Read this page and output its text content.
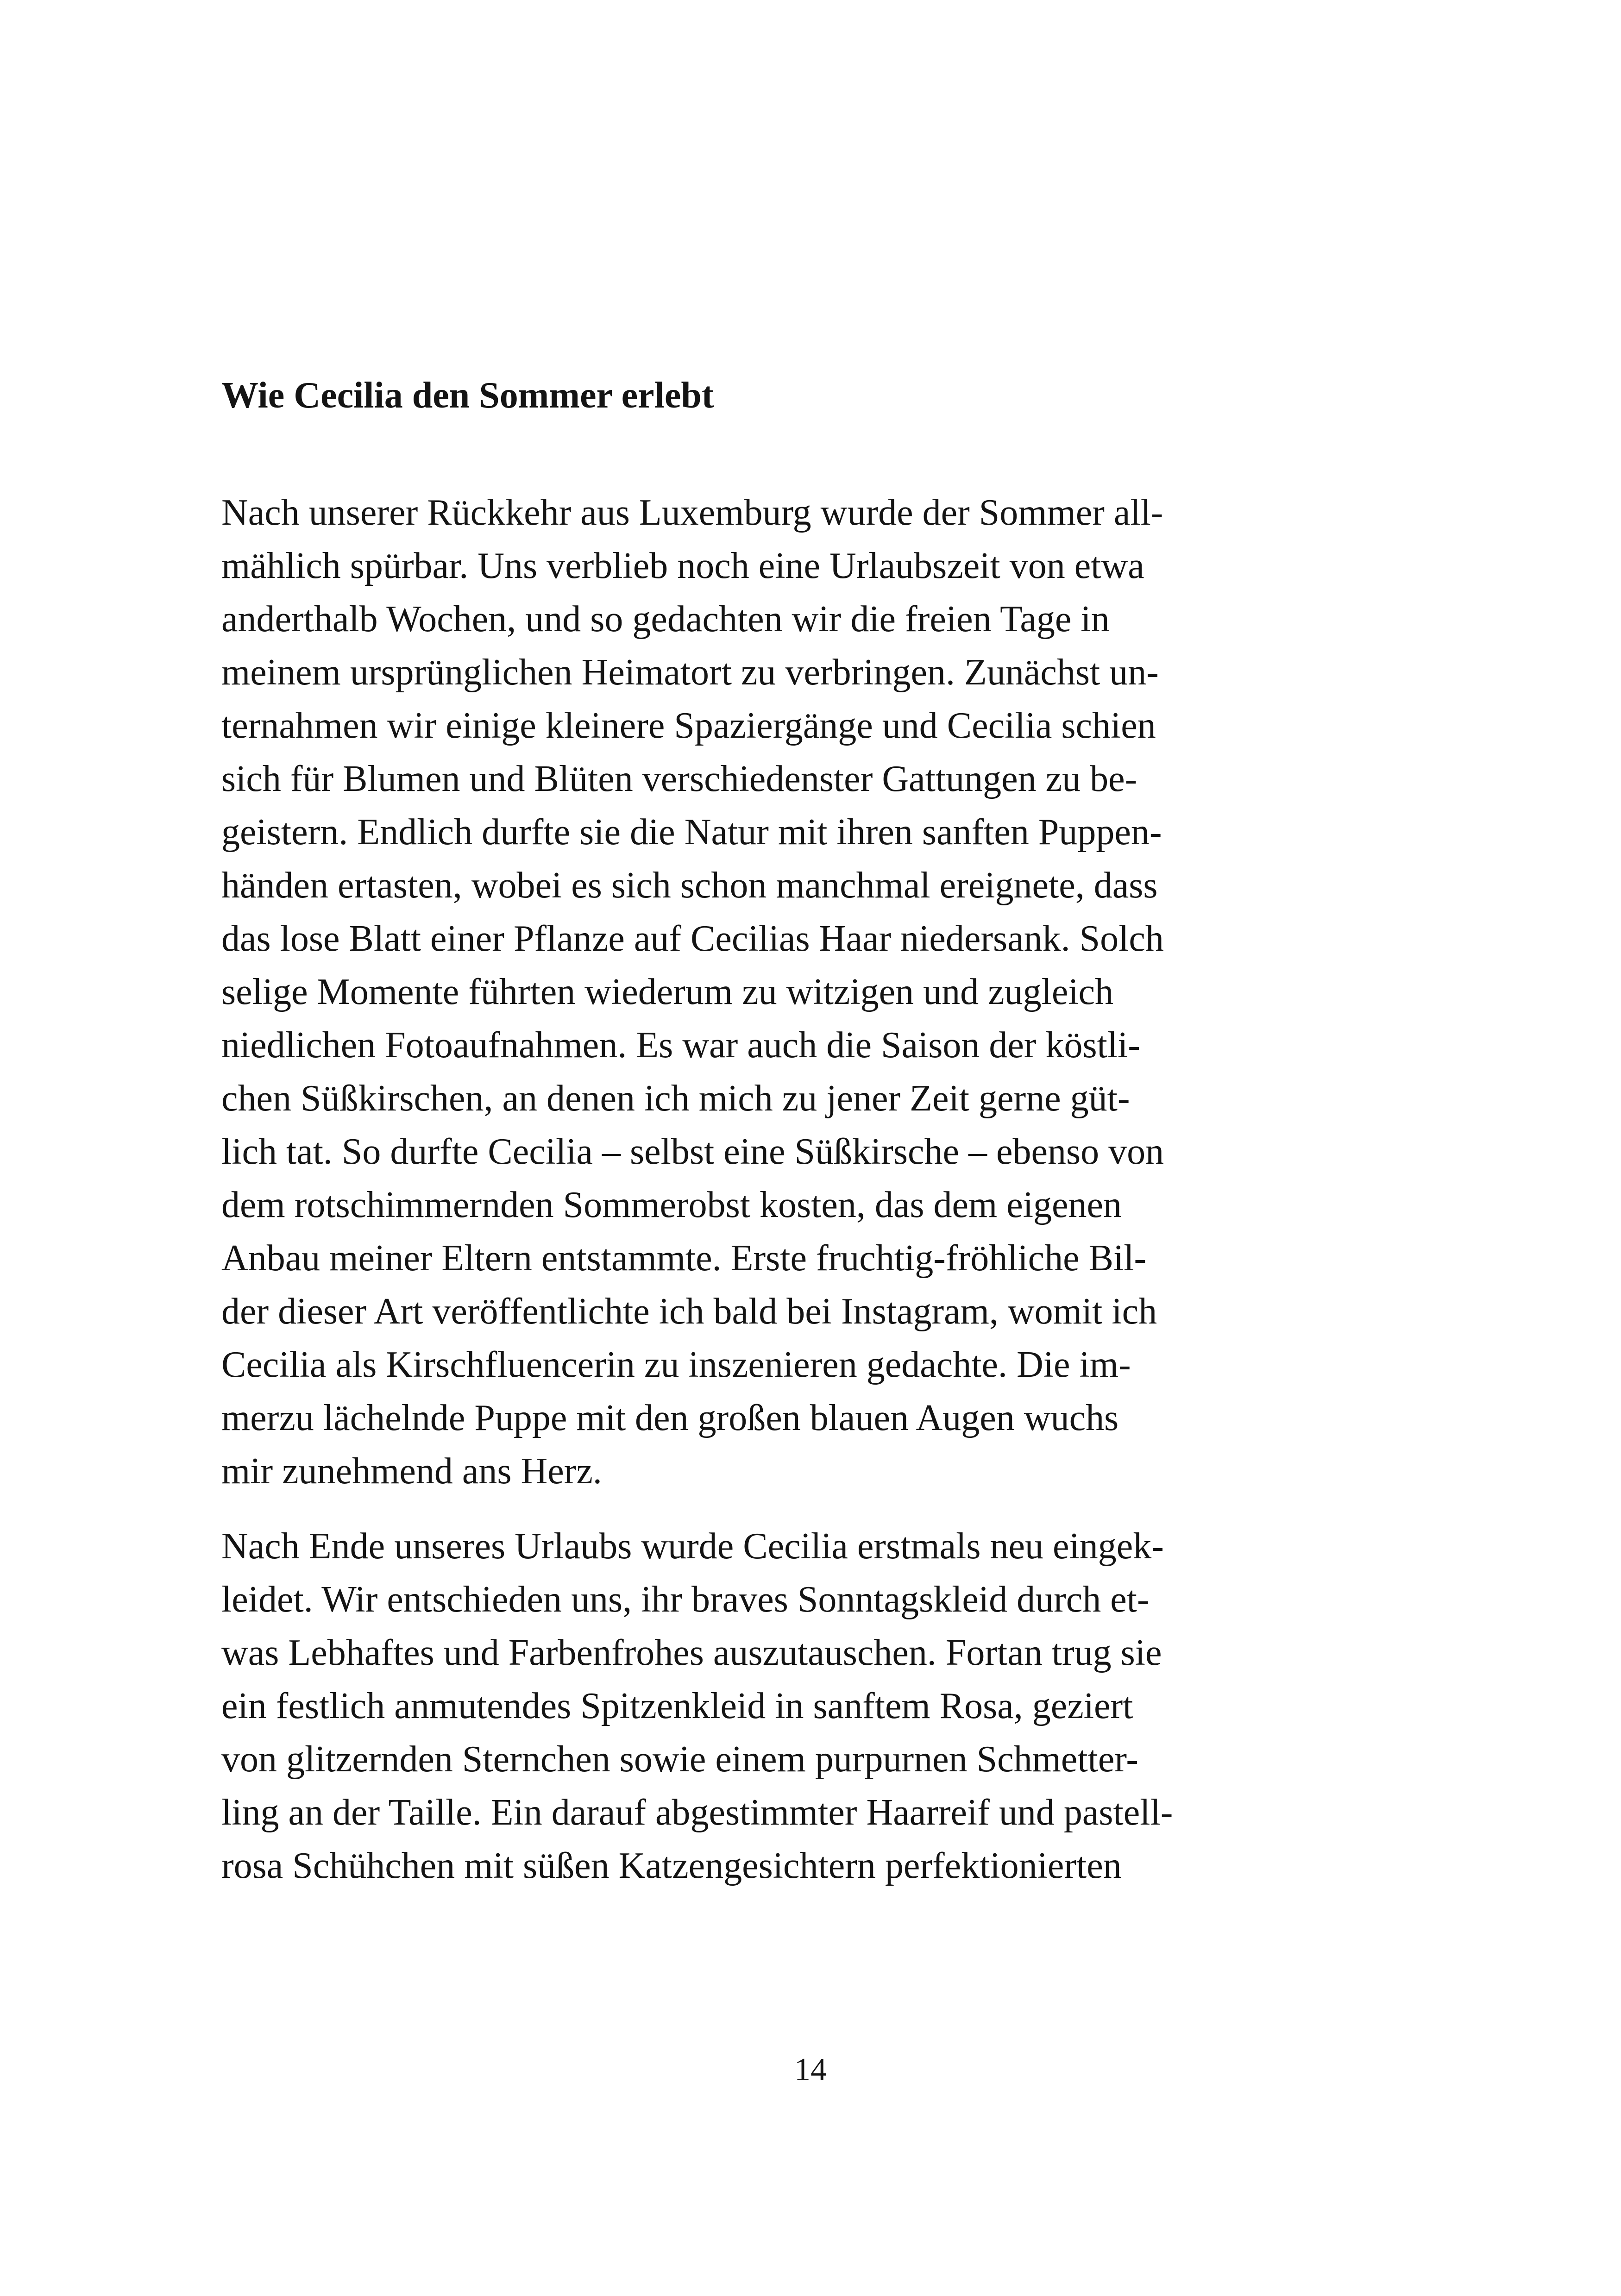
Wie Cecilia den Sommer erlebt

Nach unserer Rückkehr aus Luxemburg wurde der Sommer all-
mählich spürbar. Uns verblieb noch eine Urlaubszeit von etwa
anderthalb Wochen, und so gedachten wir die freien Tage in
meinem ursprünglichen Heimatort zu verbringen. Zunächst un-
ternahmen wir einige kleinere Spaziergänge und Cecilia schien
sich für Blumen und Blüten verschiedenster Gattungen zu be-
geistern. Endlich durfte sie die Natur mit ihren sanften Puppen-
händen ertasten, wobei es sich schon manchmal ereignete, dass
das lose Blatt einer Pflanze auf Cecilias Haar niedersank. Solch
selige Momente führten wiederum zu witzigen und zugleich
niedlichen Fotoaufnahmen. Es war auch die Saison der köstli-
chen Süßkirschen, an denen ich mich zu jener Zeit gerne güt-
lich tat. So durfte Cecilia – selbst eine Süßkirsche – ebenso von
dem rotschimmernden Sommerobst kosten, das dem eigenen
Anbau meiner Eltern entstammte. Erste fruchtig-fröhliche Bil-
der dieser Art veröffentlichte ich bald bei Instagram, womit ich
Cecilia als Kirschfluencerin zu inszenieren gedachte. Die im-
merzu lächelnde Puppe mit den großen blauen Augen wuchs
mir zunehmend ans Herz.

Nach Ende unseres Urlaubs wurde Cecilia erstmals neu eingek-
leidet. Wir entschieden uns, ihr braves Sonntagskleid durch et-
was Lebhaftes und Farbenfrohes auszutauschen. Fortan trug sie
ein festlich anmutendes Spitzenkleid in sanftem Rosa, geziert
von glitzernden Sternchen sowie einem purpurnen Schmetter-
ling an der Taille. Ein darauf abgestimmter Haarreif und pastell-
rosa Schühchen mit süßen Katzengesichtern perfektionierten

14
